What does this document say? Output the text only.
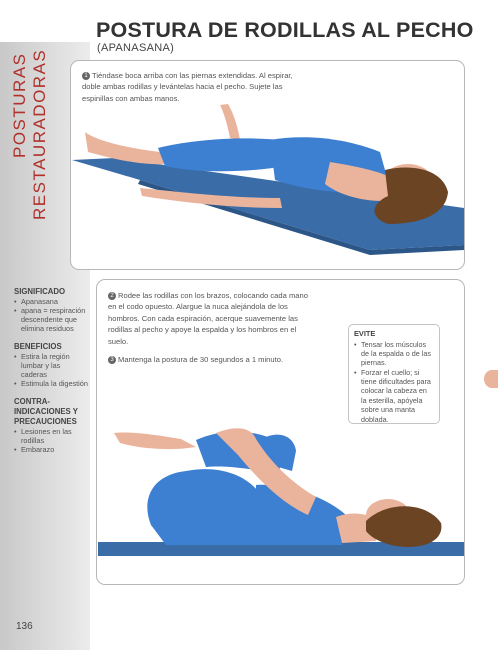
POSTURAS RESTAURADORAS
POSTURA DE RODILLAS AL PECHO
(APANASANA)
1 Tiéndase boca arriba con las piernas extendidas. Al espirar, doble ambas rodillas y levántelas hacia el pecho. Sujete las espinillas con ambas manos.
SIGNIFICADO
• Apanasana
• apana = respiración descendente que elimina residuos
BENEFICIOS
• Estira la región lumbar y las caderas
• Estimula la digestión
CONTRA-INDICACIONES Y PRECAUCIONES
• Lesiones en las rodillas
• Embarazo
2 Rodee las rodillas con los brazos, colocando cada mano en el codo opuesto. Alargue la nuca alejándola de los hombros. Con cada espiración, acerque suavemente las rodillas al pecho y apoye la espalda y los hombros en el suelo.
3 Mantenga la postura de 30 segundos a 1 minuto.
EVITE
• Tensar los músculos de la espalda o de las piernas.
• Forzar el cuello; si tiene dificultades para colocar la cabeza en la esterilla, apóyela sobre una manta doblada.
136
